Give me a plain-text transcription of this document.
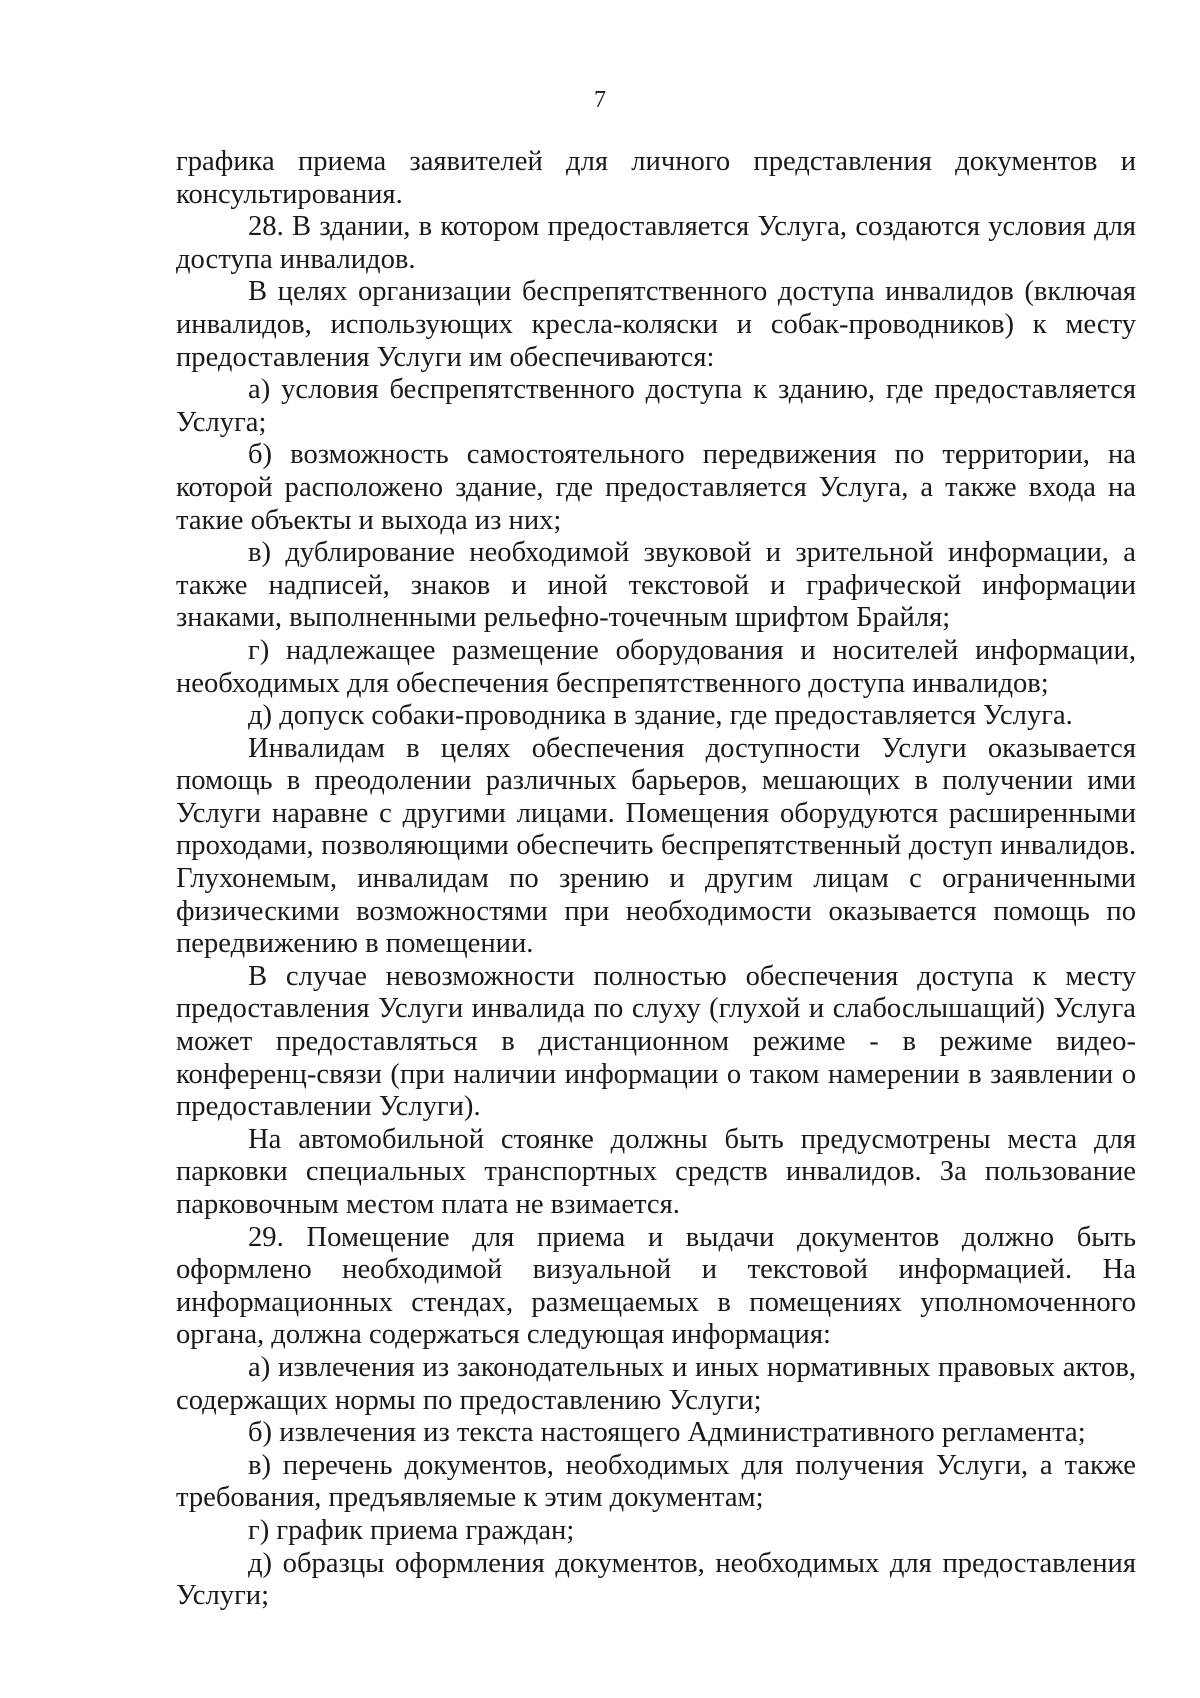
7

графика приема заявителей для личного представления документов и консультирования.

28. В здании, в котором предоставляется Услуга, создаются условия для доступа инвалидов.

В целях организации беспрепятственного доступа инвалидов (включая инвалидов, использующих кресла-коляски и собак-проводников) к месту предоставления Услуги им обеспечиваются:

а) условия беспрепятственного доступа к зданию, где предоставляется Услуга;

б) возможность самостоятельного передвижения по территории, на которой расположено здание, где предоставляется Услуга, а также входа на такие объекты и выхода из них;

в) дублирование необходимой звуковой и зрительной информации, а также надписей, знаков и иной текстовой и графической информации знаками, выполненными рельефно-точечным шрифтом Брайля;

г) надлежащее размещение оборудования и носителей информации, необходимых для обеспечения беспрепятственного доступа инвалидов;

д) допуск собаки-проводника в здание, где предоставляется Услуга.

Инвалидам в целях обеспечения доступности Услуги оказывается помощь в преодолении различных барьеров, мешающих в получении ими Услуги наравне с другими лицами. Помещения оборудуются расширенными проходами, позволяющими обеспечить беспрепятственный доступ инвалидов. Глухонемым, инвалидам по зрению и другим лицам с ограниченными физическими возможностями при необходимости оказывается помощь по передвижению в помещении.

В случае невозможности полностью обеспечения доступа к месту предоставления Услуги инвалида по слуху (глухой и слабослышащий) Услуга может предоставляться в дистанционном режиме - в режиме видео-конференц-связи (при наличии информации о таком намерении в заявлении о предоставлении Услуги).

На автомобильной стоянке должны быть предусмотрены места для парковки специальных транспортных средств инвалидов. За пользование парковочным местом плата не взимается.

29. Помещение для приема и выдачи документов должно быть оформлено необходимой визуальной и текстовой информацией. На информационных стендах, размещаемых в помещениях уполномоченного органа, должна содержаться следующая информация:

а) извлечения из законодательных и иных нормативных правовых актов, содержащих нормы по предоставлению Услуги;

б) извлечения из текста настоящего Административного регламента;

в) перечень документов, необходимых для получения Услуги, а также требования, предъявляемые к этим документам;

г) график приема граждан;

д) образцы оформления документов, необходимых для предоставления Услуги;
